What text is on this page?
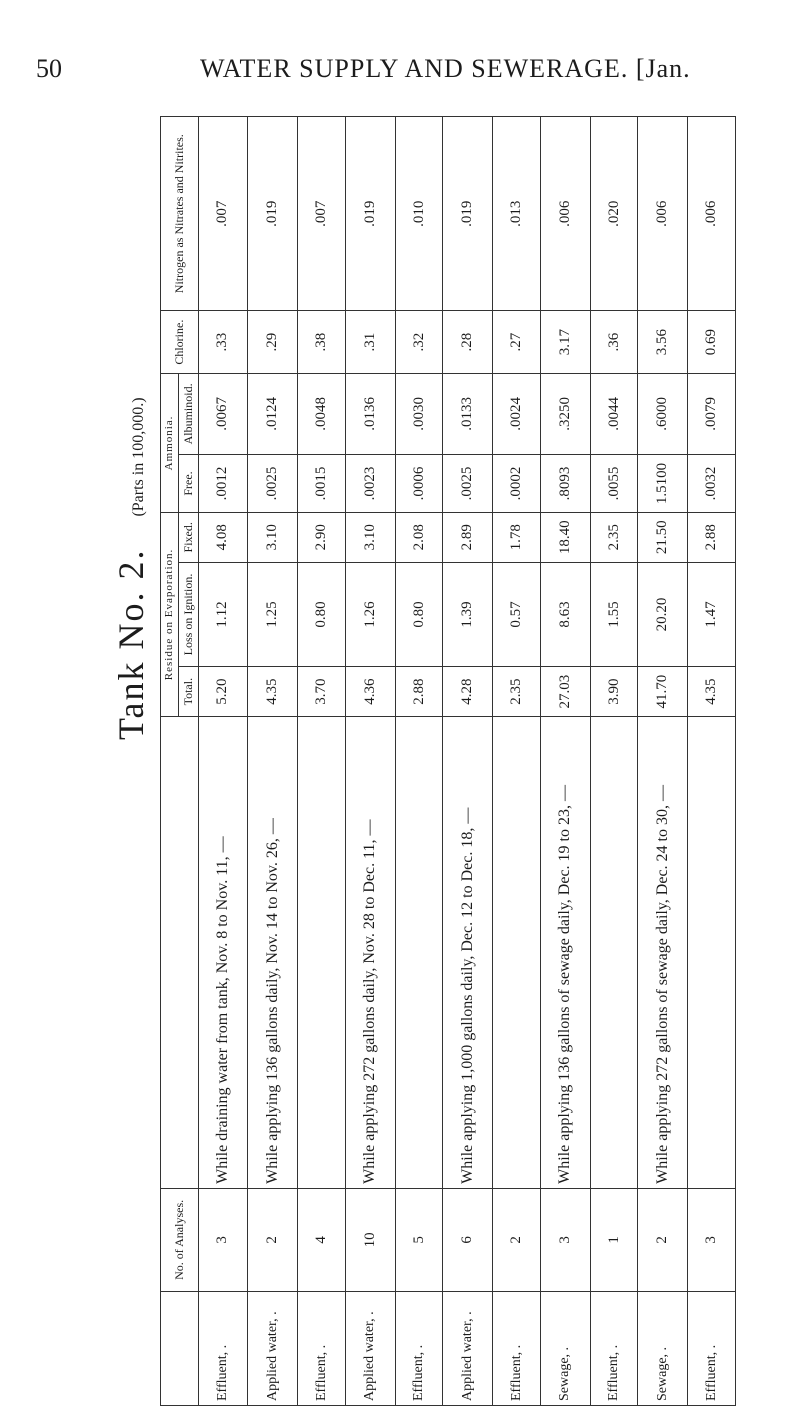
50	WATER SUPPLY AND SEWERAGE. [Jan.
Tank No. 2. (Parts in 100,000.)
	No. of Analyses.		Residue on Evaporation.			Ammonia.		Chlorine.	Nitrogen as Nitrates and Nitrites.
			Total.	Loss on Ignition.	Fixed.	Free.	Albuminoid.		
Effluent, .	3	While draining water from tank, Nov. 8 to Nov. 11, —	5.20	1.12	4.08	.0012	.0067	.33	.007
Applied water, .	2	While applying 136 gallons daily, Nov. 14 to Nov. 26, —	4.35	1.25	3.10	.0025	.0124	.29	.019
Effluent, .	4		3.70	0.80	2.90	.0015	.0048	.38	.007
Applied water, .	10	While applying 272 gallons daily, Nov. 28 to Dec. 11, —	4.36	1.26	3.10	.0023	.0136	.31	.019
Effluent, .	5		2.88	0.80	2.08	.0006	.0030	.32	.010
Applied water, .	6	While applying 1,000 gallons daily, Dec. 12 to Dec. 18, —	4.28	1.39	2.89	.0025	.0133	.28	.019
Effluent, .	2		2.35	0.57	1.78	.0002	.0024	.27	.013
Sewage, .	3	While applying 136 gallons of sewage daily, Dec. 19 to 23, —	27.03	8.63	18.40	.8093	.3250	3.17	.006
Effluent, .	1		3.90	1.55	2.35	.0055	.0044	.36	.020
Sewage, .	2	While applying 272 gallons of sewage daily, Dec. 24 to 30, —	41.70	20.20	21.50	1.5100	.6000	3.56	.006
Effluent, .	3		4.35	1.47	2.88	.0032	.0079	0.69	.006
